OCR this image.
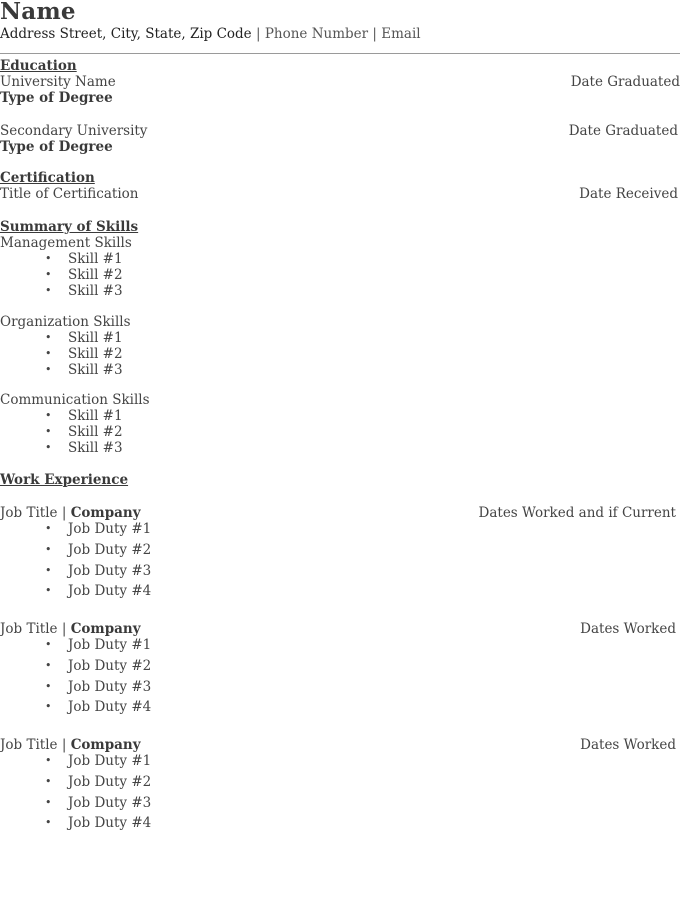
Name
Address Street, City, State, Zip Code | Phone Number | Email
Education
University Name	Date Graduated
Type of Degree
Secondary University	Date Graduated
Type of Degree
Certification
Title of Certification	Date Received
Summary of Skills
Management Skills
• Skill #1
• Skill #2
• Skill #3
Organization Skills
• Skill #1
• Skill #2
• Skill #3
Communication Skills
• Skill #1
• Skill #2
• Skill #3
Work Experience
Job Title | Company	Dates Worked and if Current
• Job Duty #1
• Job Duty #2
• Job Duty #3
• Job Duty #4
Job Title | Company	Dates Worked
• Job Duty #1
• Job Duty #2
• Job Duty #3
• Job Duty #4
Job Title | Company	Dates Worked
• Job Duty #1
• Job Duty #2
• Job Duty #3
• Job Duty #4
